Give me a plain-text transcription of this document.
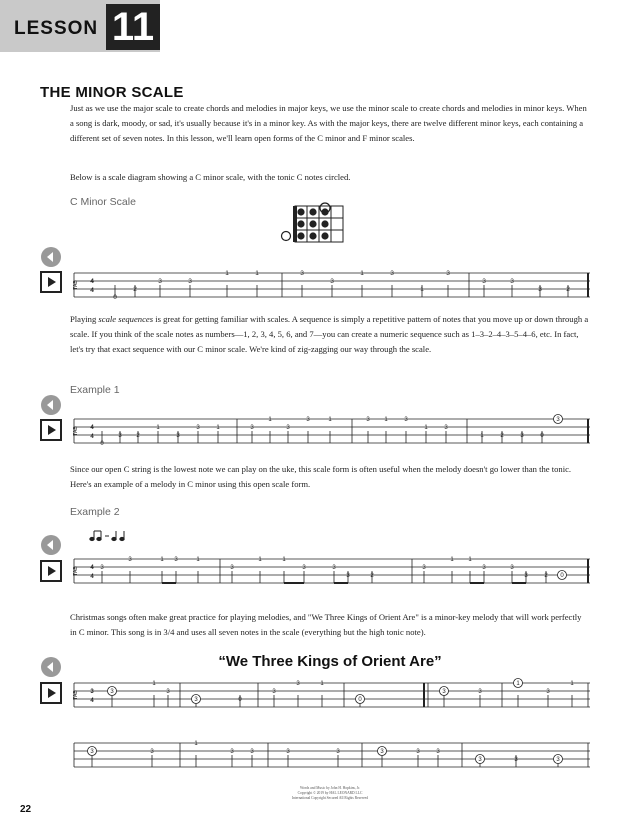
LESSON 11
THE MINOR SCALE

Just as we use the major scale to create chords and melodies in major keys, we use the minor scale to create chords and melodies in minor keys. When a song is dark, moody, or sad, it's usually because it's in a minor key. As with the major keys, there are twelve different minor keys, each containing a different set of seven notes. In this lesson, we'll learn open forms of the C minor and F minor scales.

Below is a scale diagram showing a C minor scale, with the tonic C notes circled.

C Minor Scale
TAB 4
4
0
2
3	3
1	1	3
3
1	3
1
3
3	3
3	2

Playing scale sequences is great for getting familiar with scales. A sequence is simply a repetitive pattern of notes that you move up or down through a scale. If you think of the scale notes as numbers—1, 2, 3, 4, 5, 6, and 7—you can create a numeric sequence such as 1–3–2–4–3–5–4–6, etc. In fact, let's try that exact sequence with our C minor scale. We're kind of zig-zagging our way through the scale.

Example 1
TAB 4
4
0
3 2
1
3
3	1	3
1
3
3	1	3 1	3
1	3
1	2	3	0
3

Since our open C string is the lowest note we can play on the uke, this scale form is often useful when the melody doesn't go lower than the tonic. Here's an example of a melody in C minor using this open scale form.

Example 2
TAB 4
4
3
3	1 3	1
3
1	1
3	3
3	2
3
1 1
3	3
3	2 0

Christmas songs often make great practice for playing melodies, and "We Three Kings of Orient Are" is a minor-key melody that will work perfectly in C minor. This song is in 3/4 and uses all seven notes in the scale (everything but the high tonic note).

“We Three Kings of Orient Are”
TAB 3
4
3
1
3
3	0
3
3	1
0
3	3
1
3
1
3	3
1
3	3	3	3	3	3	3
3	3	3
Words and Music by John H. Hopkins, Jr.
Copyright © 2019 by HAL LEONARD LLC
International Copyright Secured All Rights Reserved
22
